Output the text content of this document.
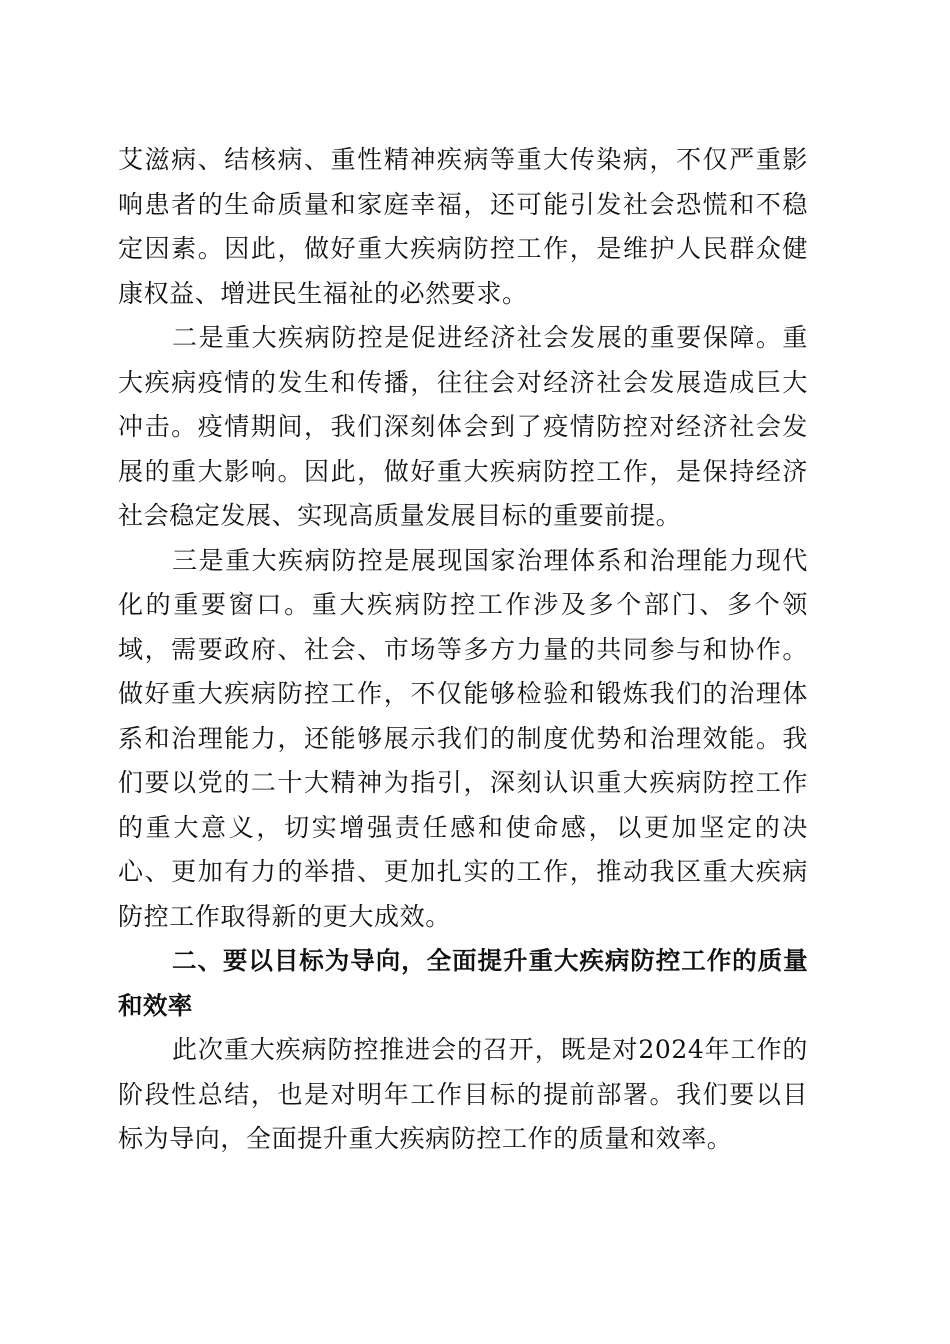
艾滋病、结核病、重性精神疾病等重大传染病，不仅严重影响患者的生命质量和家庭幸福，还可能引发社会恐慌和不稳定因素。因此，做好重大疾病防控工作，是维护人民群众健康权益、增进民生福祉的必然要求。

二是重大疾病防控是促进经济社会发展的重要保障。重大疾病疫情的发生和传播，往往会对经济社会发展造成巨大冲击。疫情期间，我们深刻体会到了疫情防控对经济社会发展的重大影响。因此，做好重大疾病防控工作，是保持经济社会稳定发展、实现高质量发展目标的重要前提。

三是重大疾病防控是展现国家治理体系和治理能力现代化的重要窗口。重大疾病防控工作涉及多个部门、多个领域，需要政府、社会、市场等多方力量的共同参与和协作。做好重大疾病防控工作，不仅能够检验和锻炼我们的治理体系和治理能力，还能够展示我们的制度优势和治理效能。我们要以党的二十大精神为指引，深刻认识重大疾病防控工作的重大意义，切实增强责任感和使命感，以更加坚定的决心、更加有力的举措、更加扎实的工作，推动我区重大疾病防控工作取得新的更大成效。

二、要以目标为导向，全面提升重大疾病防控工作的质量和效率

此次重大疾病防控推进会的召开，既是对2024年工作的阶段性总结，也是对明年工作目标的提前部署。我们要以目标为导向，全面提升重大疾病防控工作的质量和效率。
